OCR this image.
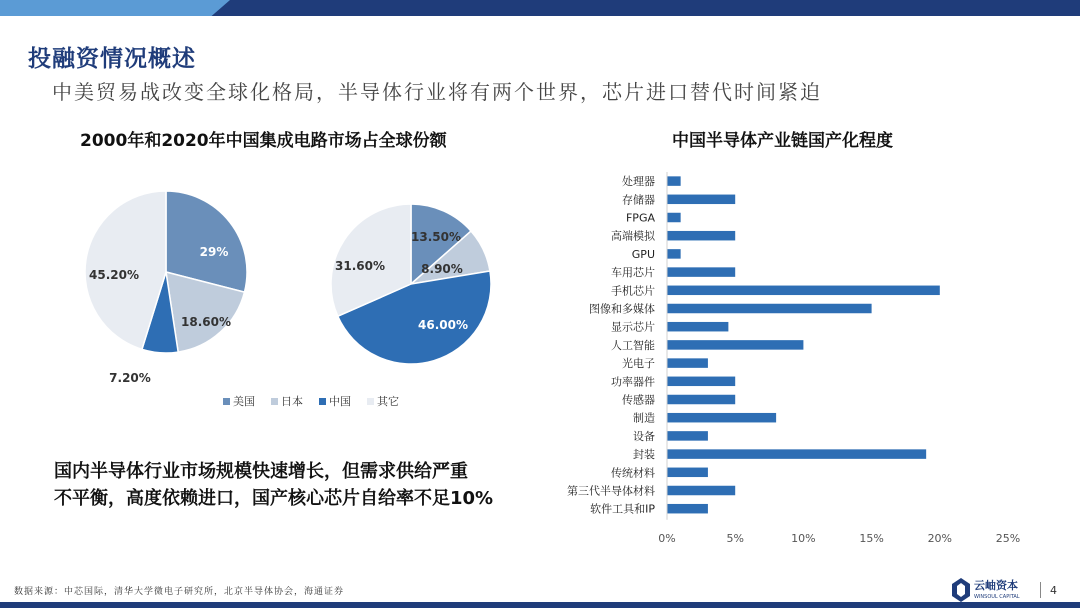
投融资情况概述
中美贸易战改变全球化格局，半导体行业将有两个世界，芯片进口替代时间紧迫
2000年和2020年中国集成电路市场占全球份额	中国半导体产业链国产化程度
29%
18.60%
7.20%
45.20%
13.50%
8.90%
46.00%
31.60%
美国 日本 中国 其它
处理器
存储器
FPGA
高端模拟
GPU
车用芯片
手机芯片
图像和多媒体
显示芯片
人工智能
光电子
功率器件
传感器
制造
设备
封装
传统材料
第三代半导体材料
软件工具和IP
0%	5%	10%	15%	20%	25%
国内半导体行业市场规模快速增长，但需求供给严重
不平衡，高度依赖进口，国产核心芯片自给率不足10%
数据来源：中芯国际，清华大学微电子研究所，北京半导体协会，海通证券	云岫资本
WINSOUL CAPITAL	4
